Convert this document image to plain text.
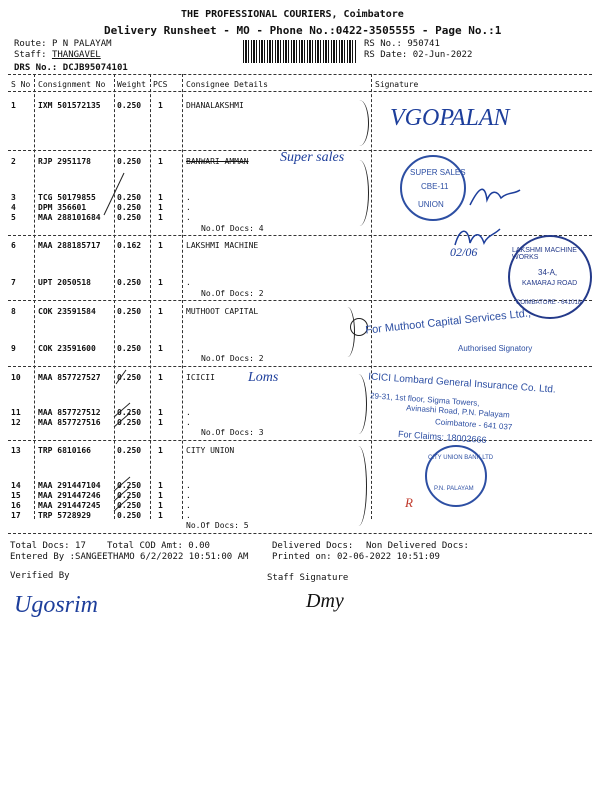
THE PROFESSIONAL COURIERS, Coimbatore
Delivery Runsheet - MO - Phone No.:0422-3505555 - Page No.:1
Route: P N PALAYAM
Staff: THANGAVEL
DRS No.: DCJB95074101
RS No.: 950741
RS Date: 02-Jun-2022
S No Consignment No Weight PCS Consignee Details	Signature
1	IXM 501572135 0.250 1	DHANALAKSHMI
2	RJP 2951178	0.250 1	BANWARI AMMAN
3	TCG 50179855	0.250 1	.
4	DPM 356601	0.250 1	.
5	MAA 288101684 0.250 1	.
No.Of Docs: 4
6	MAA 288185717 0.162 1	LAKSHMI MACHINE
7	UPT 2050518	0.250 1	.
No.Of Docs: 2
8	COK 23591584	0.250 1	MUTHOOT CAPITAL
9	COK 23591600	0.250 1	.
No.Of Docs: 2
10 MAA 857727527 0.250 1	ICICII
11 MAA 857727512 0.250 1	.
12 MAA 857727516 0.250 1	.
No.Of Docs: 3
13 TRP 6810166	0.250 1	CITY UNION
14 MAA 291447104 0.250 1	.
15 MAA 291447246 0.250 1	.
16 MAA 291447245 0.250 1	.
17 TRP 5728929	0.250 1	.
No.Of Docs: 5
VGOPALAN
Super sales
SUPER SALES
CBE-11
UNION
02/06	LAKSHMI MACHINE WORKS
34-A,
KAMARAJ ROAD
COIMBATORE - 641018
For Muthoot Capital Services Ltd.,
Authorised Signatory
Loms	ICICI Lombard General Insurance Co. Ltd.
29-31, 1st floor, Sigma Towers,
Avinashi Road, P.N. Palayam
Coimbatore - 641 037
For Claims: 18002666
CITY UNION BANK LTD
P.N. PALAYAM
R
Total Docs: 17 Total COD Amt: 0.00	Delivered Docs: Non Delivered Docs:
Entered By :SANGEETHAMO 6/2/2022 10:51:00 AM	Printed on: 02-06-2022 10:51:09
Verified By	Staff Signature
Ugosrim	Dmy
